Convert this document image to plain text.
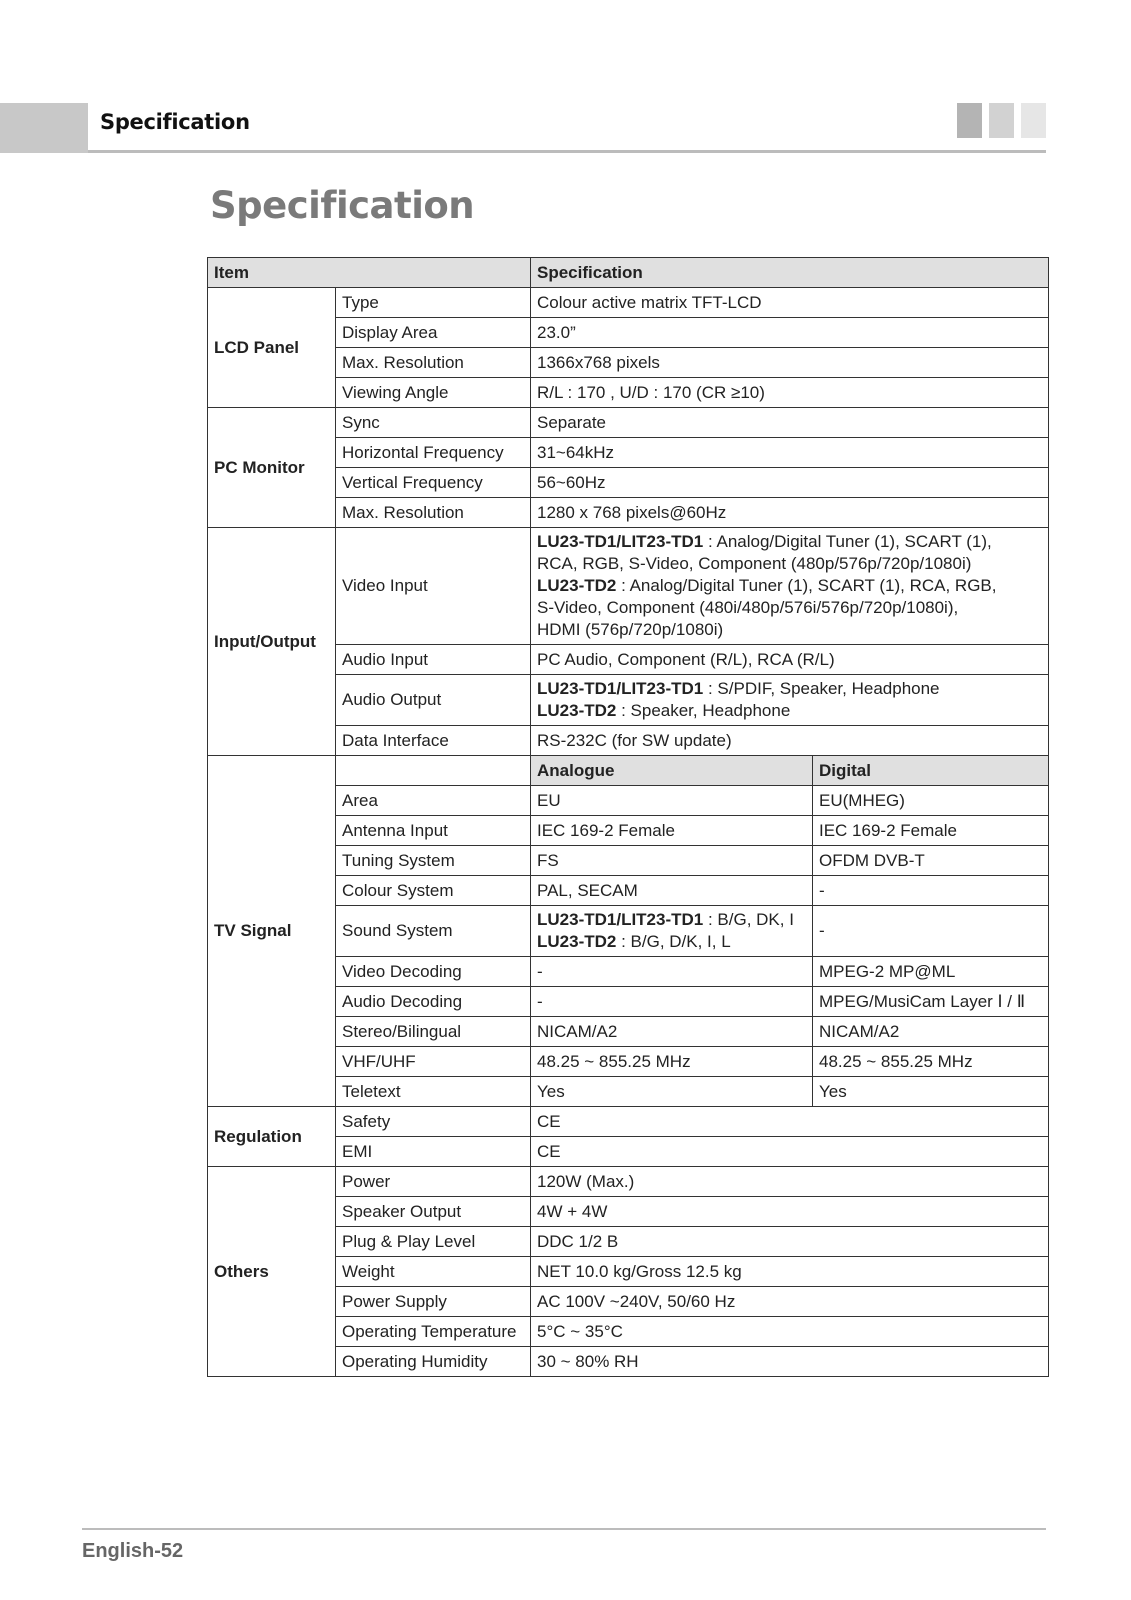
Specification
Specification
Item		Specification	
LCD Panel	Type	Colour active matrix TFT-LCD	
	Display Area	23.0”	
	Max. Resolution	1366x768 pixels	
	Viewing Angle	R/L : 170 , U/D : 170 (CR ≥10)	
PC Monitor	Sync	Separate	
	Horizontal Frequency	31~64kHz	
	Vertical Frequency	56~60Hz	
	Max. Resolution	1280 x 768 pixels@60Hz	
Input/Output	Video Input	LU23-TD1/LIT23-TD1 : Analog/Digital Tuner (1), SCART (1),
RCA, RGB, S-Video, Component (480p/576p/720p/1080i)
LU23-TD2 : Analog/Digital Tuner (1), SCART (1), RCA, RGB,
S-Video, Component (480i/480p/576i/576p/720p/1080i),
HDMI (576p/720p/1080i)	

	Audio Input	PC Audio, Component (R/L), RCA (R/L)	
	Audio Output	LU23-TD1/LIT23-TD1 : S/PDIF, Speaker, Headphone
LU23-TD2 : Speaker, Headphone	

	Data Interface	RS-232C (for SW update)	
TV Signal		Analogue	Digital
	Area	EU	EU(MHEG)
	Antenna Input	IEC 169-2 Female	IEC 169-2 Female
	Tuning System	FS	OFDM DVB-T
	Colour System	PAL, SECAM	-
	Sound System	LU23-TD1/LIT23-TD1 : B/G, DK, I
LU23-TD2 : B/G, D/K, I, L	-
	Video Decoding	-	MPEG-2 MP@ML
	Audio Decoding	-	MPEG/MusiCam Layer Ⅰ / Ⅱ
	Stereo/Bilingual	NICAM/A2	NICAM/A2
	VHF/UHF	48.25 ~ 855.25 MHz	48.25 ~ 855.25 MHz
	Teletext	Yes	Yes
Regulation	Safety	CE	
	EMI	CE	
Others	Power	120W (Max.)	
	Speaker Output	4W + 4W	
	Plug & Play Level	DDC 1/2 B	
	Weight	NET 10.0 kg/Gross 12.5 kg	
	Power Supply	AC 100V ~240V, 50/60 Hz	
	Operating Temperature	5°C ~ 35°C	
	Operating Humidity	30 ~ 80% RH	
English-52
